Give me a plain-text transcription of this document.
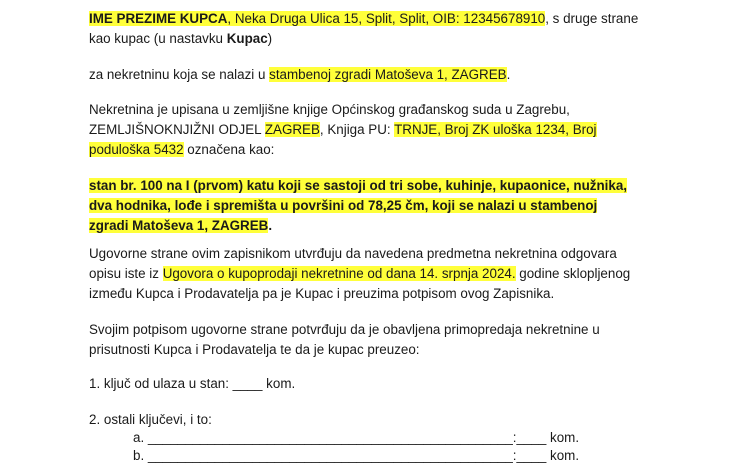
IME PREZIME KUPCA, Neka Druga Ulica 15, Split, Split, OIB: 12345678910, s druge strane
kao kupac (u nastavku Kupac)
za nekretninu koja se nalazi u stambenoj zgradi Matoševa 1, ZAGREB.
Nekretnina je upisana u zemljišne knjige Općinskog građanskog suda u Zagrebu,
ZEMLJIŠNOKNJIŽNI ODJEL ZAGREB, Knjiga PU: TRNJE, Broj ZK uloška 1234, Broj
poduloška 5432 označena kao:
stan br. 100 na I (prvom) katu koji se sastoji od tri sobe, kuhinje, kupaonice, nužnika,
dva hodnika, lođe i spremišta u površini od 78,25 čm, koji se nalazi u stambenoj
zgradi Matoševa 1, ZAGREB.
Ugovorne strane ovim zapisnikom utvrđuju da navedena predmetna nekretnina odgovara
opisu iste iz Ugovora o kupoprodaji nekretnine od dana 14. srpnja 2024. godine sklopljenog
između Kupca i Prodavatelja pa je Kupac i preuzima potpisom ovog Zapisnika.
Svojim potpisom ugovorne strane potvrđuju da je obavljena primopredaja nekretnine u
prisutnosti Kupca i Prodavatelja te da je kupac preuzeo:
1. ključ od ulaza u stan: ____ kom.
2. ostali ključevi, i to:
a. _________________________________________________:____ kom.
b. _________________________________________________:____ kom.
